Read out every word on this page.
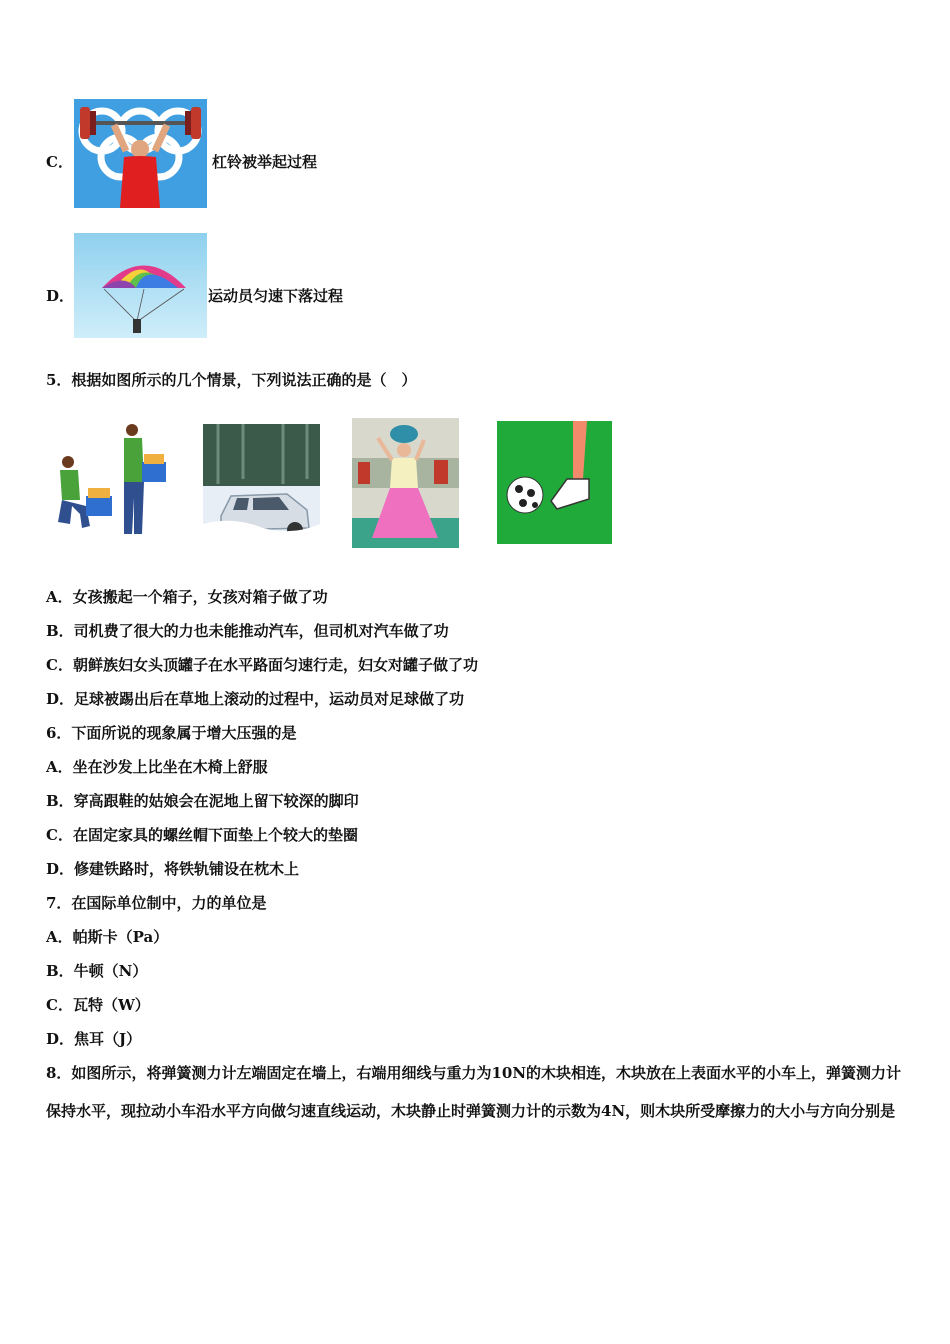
C．	杠铃被举起过程
D．	运动员匀速下落过程
5．根据如图所示的几个情景，下列说法正确的是（　）
A．女孩搬起一个箱子，女孩对箱子做了功
B．司机费了很大的力也未能推动汽车，但司机对汽车做了功
C．朝鲜族妇女头顶罐子在水平路面匀速行走，妇女对罐子做了功
D．足球被踢出后在草地上滚动的过程中，运动员对足球做了功
6．下面所说的现象属于增大压强的是
A．坐在沙发上比坐在木椅上舒服
B．穿高跟鞋的姑娘会在泥地上留下较深的脚印
C．在固定家具的螺丝帽下面垫上个较大的垫圈
D．修建铁路时，将铁轨铺设在枕木上
7．在国际单位制中，力的单位是
A．帕斯卡（Pa）
B．牛顿（N）
C．瓦特（W）
D．焦耳（J）
8．如图所示，将弹簧测力计左端固定在墙上，右端用细线与重力为10N的木块相连，木块放在上表面水平的小车上，弹簧测力计保持水平，现拉动小车沿水平方向做匀速直线运动，木块静止时弹簧测力计的示数为4N，则木块所受摩擦力的大小与方向分别是
